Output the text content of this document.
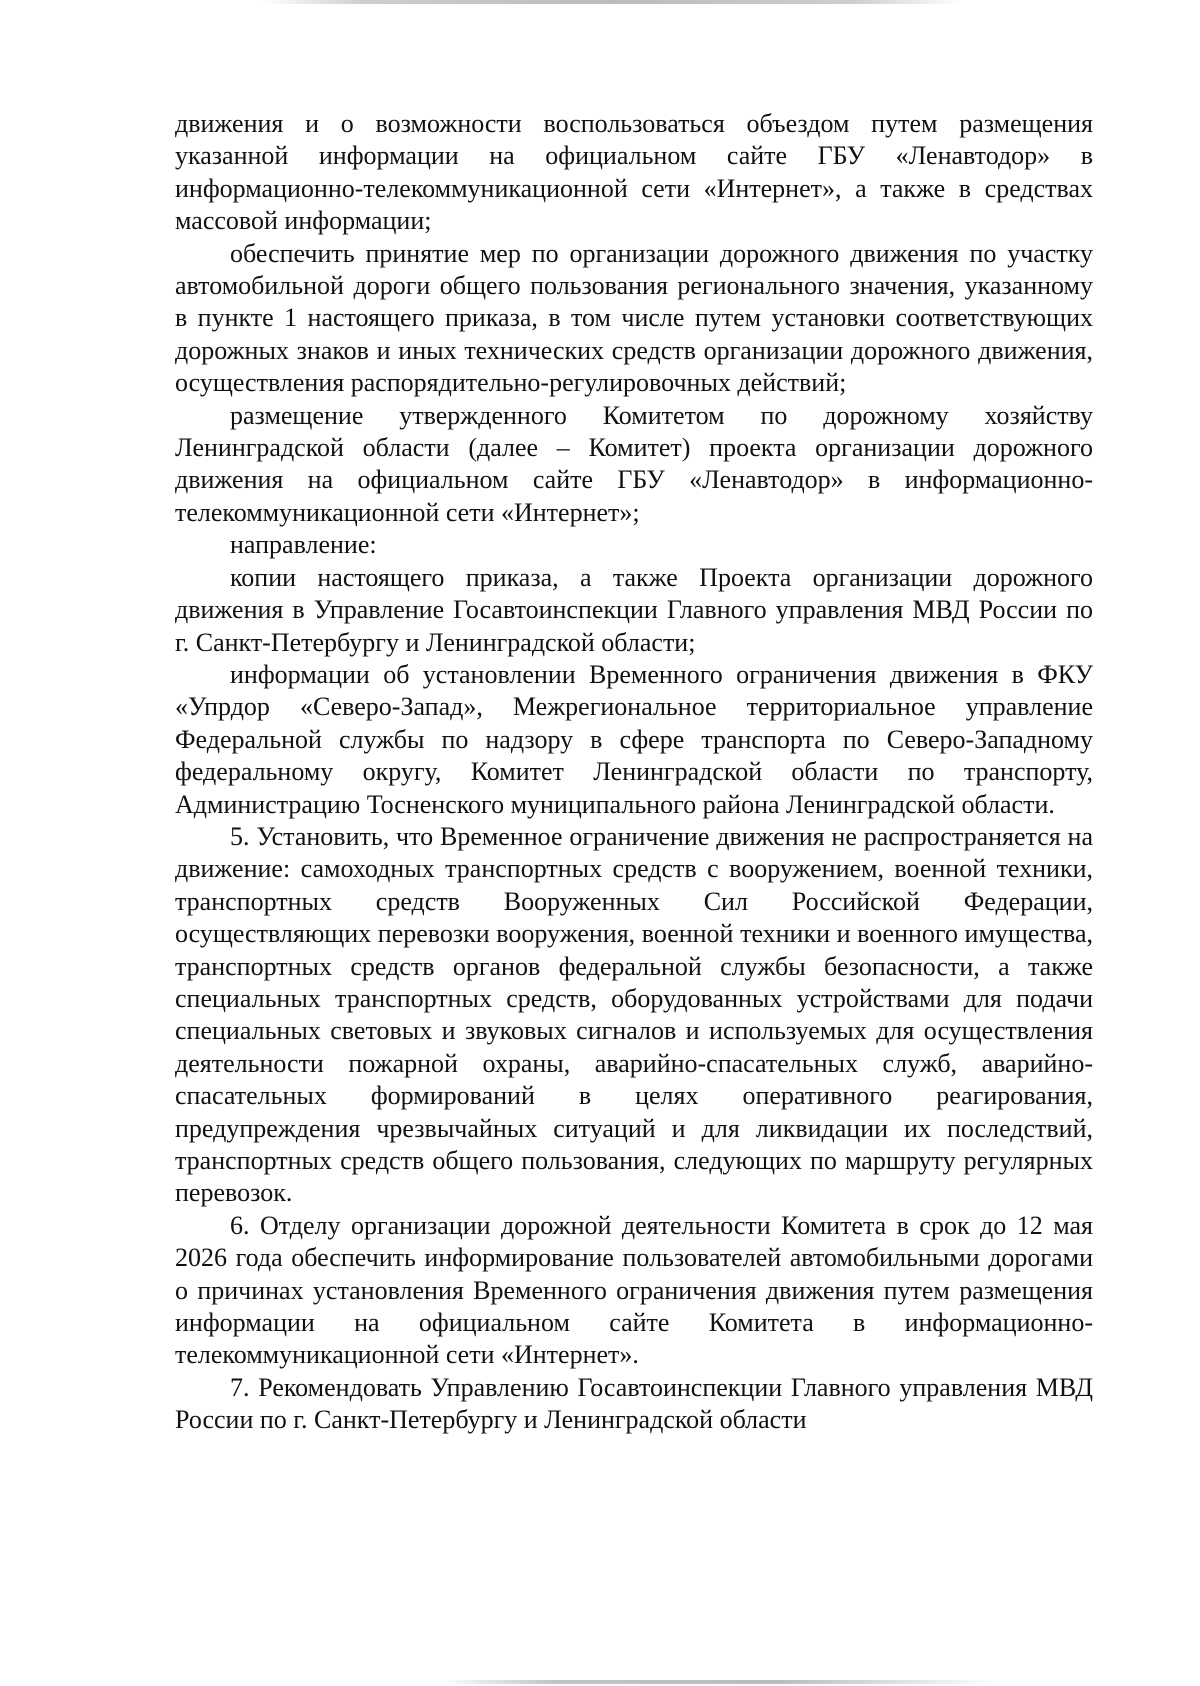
движения и о возможности воспользоваться объездом путем размещения указанной информации на официальном сайте ГБУ «Ленавтодор» в информационно-телекоммуникационной сети «Интернет», а также в средствах массовой информации;

обеспечить принятие мер по организации дорожного движения по участку автомобильной дороги общего пользования регионального значения, указанному в пункте 1 настоящего приказа, в том числе путем установки соответствующих дорожных знаков и иных технических средств организации дорожного движения, осуществления распорядительно-регулировочных действий;

размещение утвержденного Комитетом по дорожному хозяйству Ленинградской области (далее – Комитет) проекта организации дорожного движения на официальном сайте ГБУ «Ленавтодор» в информационно-телекоммуникационной сети «Интернет»;

направление:

копии настоящего приказа, а также Проекта организации дорожного движения в Управление Госавтоинспекции Главного управления МВД России по г. Санкт-Петербургу и Ленинградской области;

информации об установлении Временного ограничения движения в ФКУ «Упрдор «Северо-Запад», Межрегиональное территориальное управление Федеральной службы по надзору в сфере транспорта по Северо-Западному федеральному округу, Комитет Ленинградской области по транспорту, Администрацию Тосненского муниципального района Ленинградской области.

5. Установить, что Временное ограничение движения не распространяется на движение: самоходных транспортных средств с вооружением, военной техники, транспортных средств Вооруженных Сил Российской Федерации, осуществляющих перевозки вооружения, военной техники и военного имущества, транспортных средств органов федеральной службы безопасности, а также специальных транспортных средств, оборудованных устройствами для подачи специальных световых и звуковых сигналов и используемых для осуществления деятельности пожарной охраны, аварийно-спасательных служб, аварийно-спасательных формирований в целях оперативного реагирования, предупреждения чрезвычайных ситуаций и для ликвидации их последствий, транспортных средств общего пользования, следующих по маршруту регулярных перевозок.

6. Отделу организации дорожной деятельности Комитета в срок до 12 мая 2026 года обеспечить информирование пользователей автомобильными дорогами о причинах установления Временного ограничения движения путем размещения информации на официальном сайте Комитета в информационно-телекоммуникационной сети «Интернет».

7. Рекомендовать Управлению Госавтоинспекции Главного управления МВД России по г. Санкт-Петербургу и Ленинградской области
